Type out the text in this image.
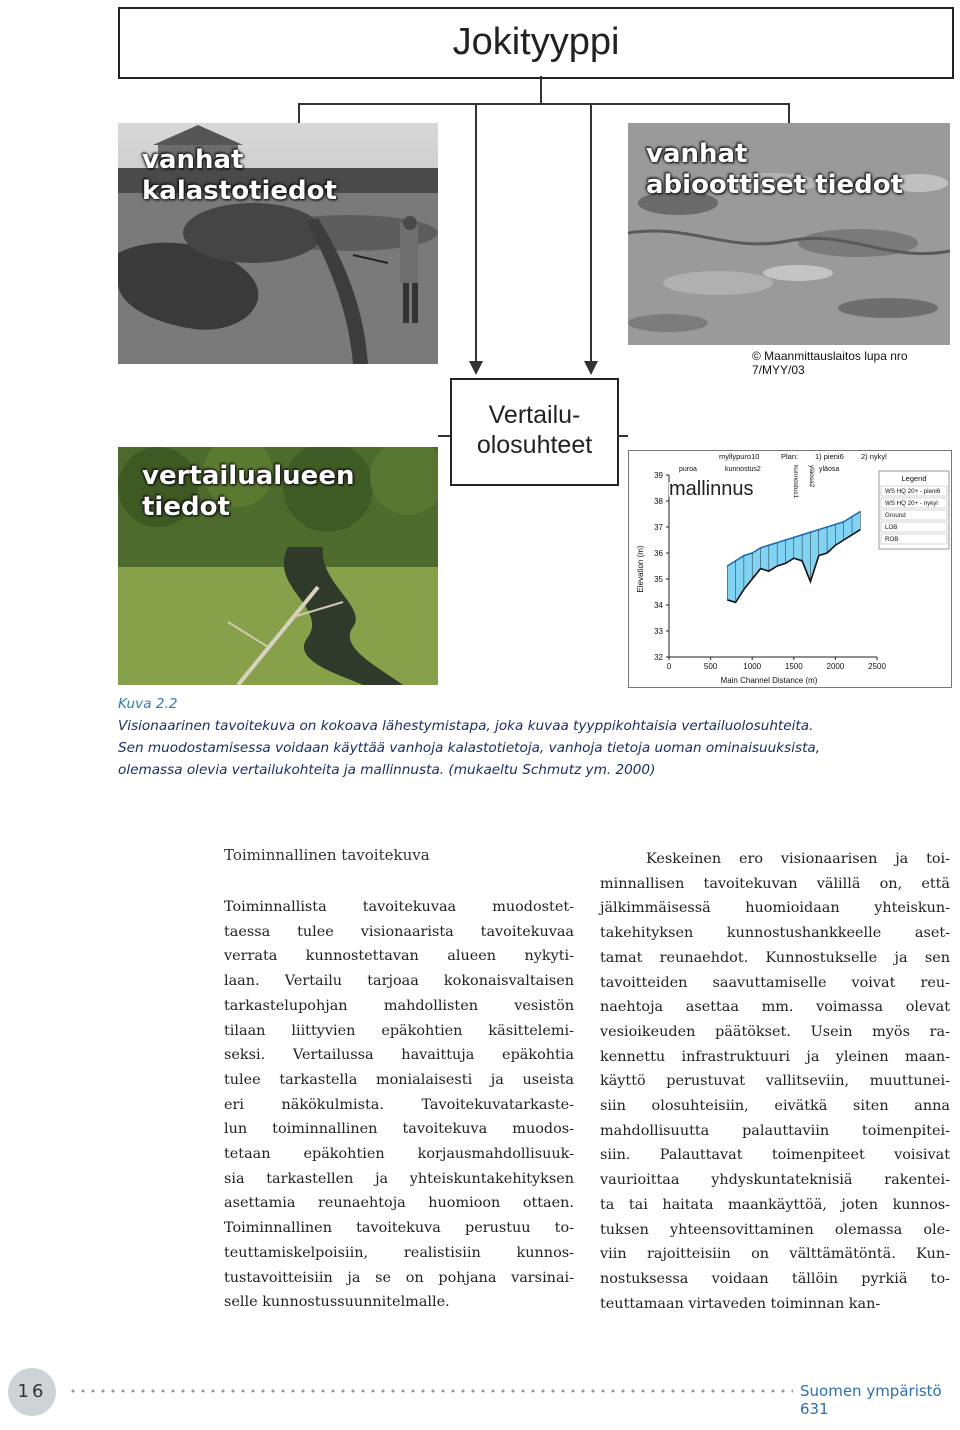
Jokityyppi
vanhat kalastotiedot
vanhat abioottiset tiedot
© Maanmittauslaitos lupa nro 7/MYY/03
Vertailu-
olosuhteet
vertailualueen tiedot
39
38
37
36
35
34
33
32
0	500	1000	1500	2000	2500
Main Channel Distance (m)
Elevation (m)
myllypuro10	Plan: 1) pieni6 2) nykyl
puroa	kunnostus2	yläosa
kunnostus1 yläosa2	Legend
WS HQ 20+ - pieni6
WS HQ 20+ - nykyl
Ground
LOB
ROB
mallinnus
Kuva 2.2
Visionaarinen tavoitekuva on kokoava lähestymistapa, joka kuvaa tyyppikohtaisia vertailuolosuhteita.
Sen muodostamisessa voidaan käyttää vanhoja kalastotietoja, vanhoja tietoja uoman ominaisuuksista,
olemassa olevia vertailukohteita ja mallinnusta. (mukaeltu Schmutz ym. 2000)
Toiminnallinen tavoitekuva
Toiminnallista tavoitekuvaa muodostet-
taessa tulee visionaarista tavoitekuvaa
verrata kunnostettavan alueen nykyti-
laan. Vertailu tarjoaa kokonaisvaltaisen
tarkastelupohjan mahdollisten vesistön
tilaan liittyvien epäkohtien käsittelemi-
seksi. Vertailussa havaittuja epäkohtia
tulee tarkastella monialaisesti ja useista
eri näkökulmista. Tavoitekuvatarkaste-
lun toiminnallinen tavoitekuva muodos-
tetaan epäkohtien korjausmahdollisuuk-
sia tarkastellen ja yhteiskuntakehityksen
asettamia reunaehtoja huomioon ottaen.
Toiminnallinen tavoitekuva perustuu to-
teuttamiskelpoisiin, realistisiin kunnos-
tustavoitteisiin ja se on pohjana varsinai-
selle kunnostussuunnitelmalle.
Keskeinen ero visionaarisen ja toi-
minnallisen tavoitekuvan välillä on, että
jälkimmäisessä huomioidaan yhteiskun-
takehityksen kunnostushankkeelle aset-
tamat reunaehdot. Kunnostukselle ja sen
tavoitteiden saavuttamiselle voivat reu-
naehtoja asettaa mm. voimassa olevat
vesioikeuden päätökset. Usein myös ra-
kennettu infrastruktuuri ja yleinen maan-
käyttö perustuvat vallitseviin, muuttunei-
siin olosuhteisiin, eivätkä siten anna
mahdollisuutta palauttaviin toimenpitei-
siin. Palauttavat toimenpiteet voisivat
vaurioittaa yhdyskuntateknisiä rakentei-
ta tai haitata maankäyttöä, joten kunnos-
tuksen yhteensovittaminen olemassa ole-
viin rajoitteisiin on välttämätöntä. Kun-
nostuksessa voidaan tällöin pyrkiä to-
teuttamaan virtaveden toiminnan kan-
16	Suomen ympäristö 631
